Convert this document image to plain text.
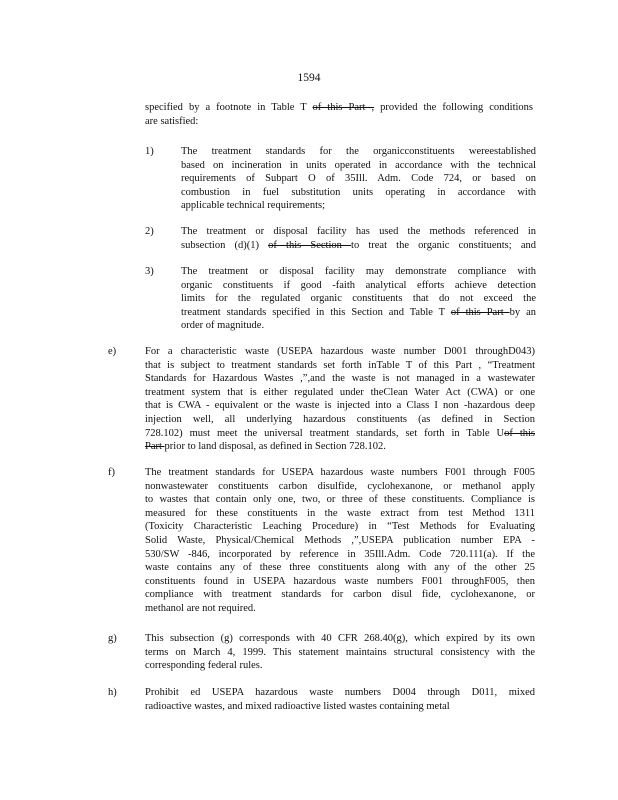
1594
specified by a footnote in Table T of this Part , provided the following conditions
are satisfied:
1)	The treatment standards for the organicconstituents wereestablished
based on incineration in units operated in accordance with the technical
requirements of Subpart O of 35Ill. Adm. Code 724, or based on
combustion in fuel substitution units operating in accordance with
applicable technical requirements;
2)	The treatment or disposal facility has used the methods referenced in
subsection (d)(1) of this Section to treat the organic constituents; and
3)	The treatment or disposal facility may demonstrate compliance with
organic constituents if good -faith analytical efforts achieve detection
limits for the regulated organic constituents that do not exceed the
treatment standards specified in this Section and Table T of this Part by an
order of magnitude.
e)	For a characteristic waste (USEPA hazardous waste number D001 throughD043)
that is subject to treatment standards set forth inTable T of this Part , “Treatment
Standards for Hazardous Wastes ,”,and the waste is not managed in a wastewater
treatment system that is either regulated under theClean Water Act (CWA) or one
that is CWA - equivalent or the waste is injected into a Class I non -hazardous deep
injection well, all underlying hazardous constituents (as defined in Section
728.102) must meet the universal treatment standards, set forth in Table Uof this
Part prior to land disposal, as defined in Section 728.102.
f)	The treatment standards for USEPA hazardous waste numbers F001 through F005
nonwastewater constituents carbon disulfide, cyclohexanone, or methanol apply
to wastes that contain only one, two, or three of these constituents. Compliance is
measured for these constituents in the waste extract from test Method 1311
(Toxicity Characteristic Leaching Procedure) in “Test Methods for Evaluating
Solid Waste, Physical/Chemical Methods ,”,USEPA publication number EPA -
530/SW -846, incorporated by reference in 35Ill.Adm. Code 720.111(a). If the
waste contains any of these three constituents along with any of the other 25
constituents found in USEPA hazardous waste numbers F001 throughF005, then
compliance with treatment standards for carbon disul fide, cyclohexanone, or
methanol are not required.
g)	This subsection (g) corresponds with 40 CFR 268.40(g), which expired by its own
terms on March 4, 1999. This statement maintains structural consistency with the
corresponding federal rules.
h)	Prohibit ed USEPA hazardous waste numbers D004 through D011, mixed
radioactive wastes, and mixed radioactive listed wastes containing metal
